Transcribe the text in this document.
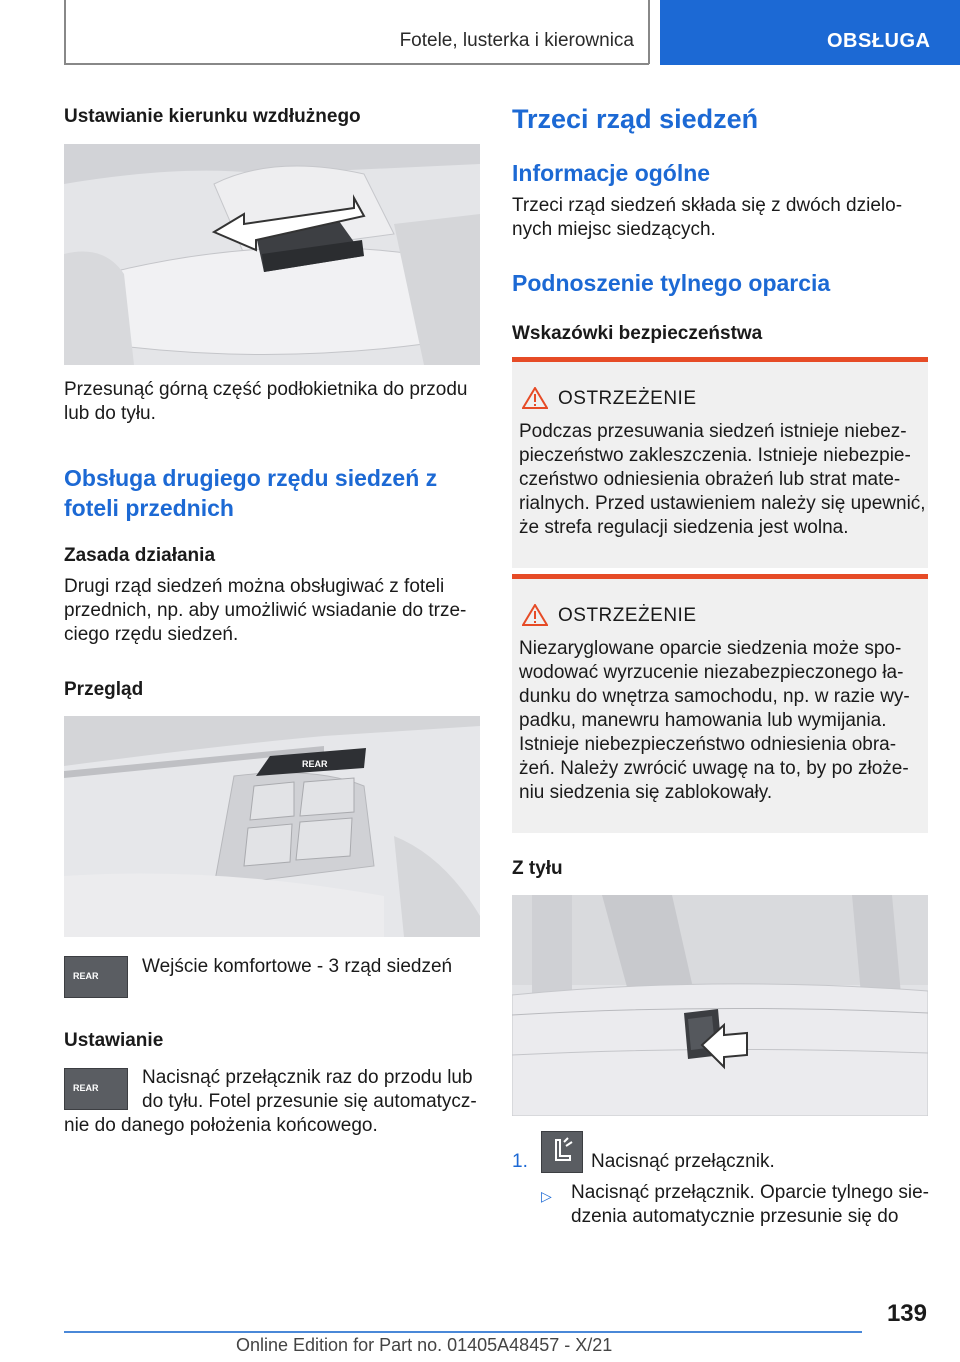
Fotele, lusterka i kierownica	OBSŁUGA
Ustawianie kierunku wzdłużnego
Przesunąć górną część podłokietnika do przodu
lub do tyłu.
Obsługa drugiego rzędu siedzeń z
foteli przednich
Zasada działania
Drugi rząd siedzeń można obsługiwać z foteli
przednich, np. aby umożliwić wsiadanie do trze-
ciego rzędu siedzeń.
Przegląd
REAR
REAR Wejście komfortowe - 3 rząd siedzeń
Ustawianie
REAR Nacisnąć przełącznik raz do przodu lub
do tyłu. Fotel przesunie się automatycz-
nie do danego położenia końcowego.
Trzeci rząd siedzeń
Informacje ogólne
Trzeci rząd siedzeń składa się z dwóch dzielo-
nych miejsc siedzących.
Podnoszenie tylnego oparcia
Wskazówki bezpieczeństwa
OSTRZEŻENIE
Podczas przesuwania siedzeń istnieje niebez-
pieczeństwo zakleszczenia. Istnieje niebezpie-
czeństwo odniesienia obrażeń lub strat mate-
rialnych. Przed ustawieniem należy się upewnić,
że strefa regulacji siedzenia jest wolna.
OSTRZEŻENIE
Niezaryglowane oparcie siedzenia może spo-
wodować wyrzucenie niezabezpieczonego ła-
dunku do wnętrza samochodu, np. w razie wy-
padku, manewru hamowania lub wymijania.
Istnieje niebezpieczeństwo odniesienia obra-
żeń. Należy zwrócić uwagę na to, by po złoże-
niu siedzenia się zablokowały.
Z tyłu
1.	Nacisnąć przełącznik.
▷ Nacisnąć przełącznik. Oparcie tylnego sie-
dzenia automatycznie przesunie się do
139
Online Edition for Part no. 01405A48457 - X/21
